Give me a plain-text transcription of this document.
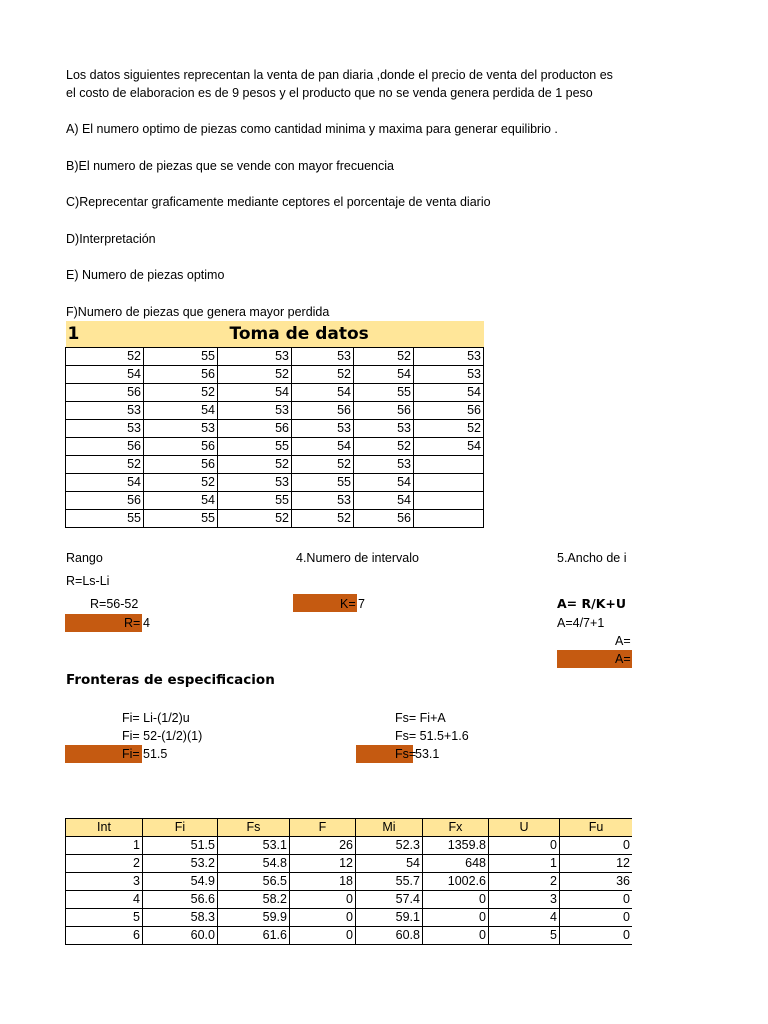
Los datos siguientes reprecentan la venta de pan diaria ,donde el precio de venta del producton es
el costo de elaboracion es de 9 pesos y el producto que no se venda genera perdida de 1 peso
A) El numero optimo de piezas como cantidad minima y maxima para generar equilibrio .
B)El numero de piezas que se vende con mayor frecuencia
C)Reprecentar graficamente mediante ceptores el porcentaje de venta diario
D)Interpretación
E) Numero de piezas optimo
F)Numero de piezas que genera mayor perdida
1		Toma de datos			
52	55	53	53	52	53
54	56	52	52	54	53
56	52	54	54	55	54
53	54	53	56	56	56
53	53	56	53	53	52
56	56	55	54	52	54
52	56	52	52	53	
54	52	53	55	54	
56	54	55	53	54	
55	55	52	52	56	
Rango
R=Ls-Li
R=56-52
R= 4
4.Numero de intervalo
K= 7
5.Ancho de i
A= R/K+U
A=4/7+1
A=
A=
Fronteras de especificacion
Fi= Li-(1/2)u
Fi= 52-(1/2)(1)
Fi= 51.5
Fs= Fi+A
Fs= 51.5+1.6
Fs=
53.1
Int	Fi	Fs	F	Mi	Fx	U	Fu
1	51.5	53.1	26	52.3	1359.8	0	0
2	53.2	54.8	12	54	648	1	12
3	54.9	56.5	18	55.7	1002.6	2	36
4	56.6	58.2	0	57.4	0	3	0
5	58.3	59.9	0	59.1	0	4	0
6	60.0	61.6	0	60.8	0	5	0
